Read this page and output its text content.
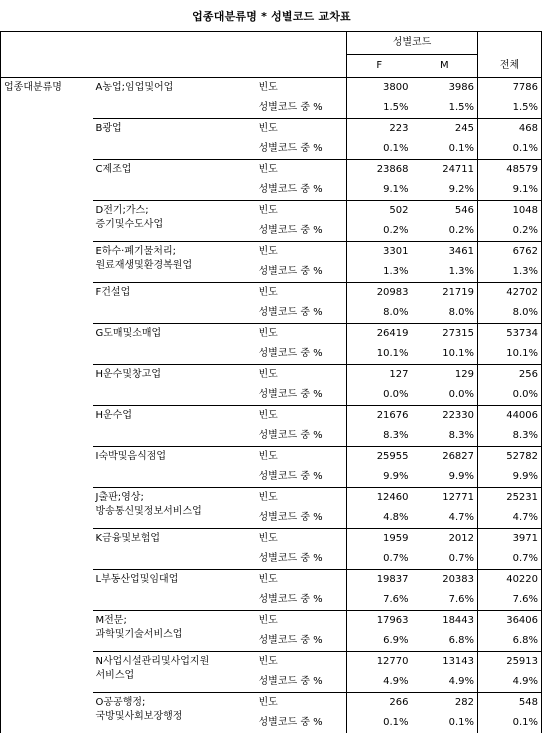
업종대분류명 * 성별코드 교차표
			성별코드		
			F	M	전체
업종대분류명	A농업;임업및어업	빈도	3800	3986	7786
		성별코드 중 %	1.5%	1.5%	1.5%
	B광업	빈도	223	245	468
		성별코드 중 %	0.1%	0.1%	0.1%
	C제조업	빈도	23868	24711	48579
		성별코드 중 %	9.1%	9.2%	9.1%
	D전기;가스;
증기및수도사업	빈도	502	546	1048
		성별코드 중 %	0.2%	0.2%	0.2%
	E하수·폐기물처리;
원료재생및환경복원업	빈도	3301	3461	6762
		성별코드 중 %	1.3%	1.3%	1.3%
	F건설업	빈도	20983	21719	42702
		성별코드 중 %	8.0%	8.0%	8.0%
	G도매및소매업	빈도	26419	27315	53734
		성별코드 중 %	10.1%	10.1%	10.1%
	H운수및창고업	빈도	127	129	256
		성별코드 중 %	0.0%	0.0%	0.0%
	H운수업	빈도	21676	22330	44006
		성별코드 중 %	8.3%	8.3%	8.3%
	I숙박및음식점업	빈도	25955	26827	52782
		성별코드 중 %	9.9%	9.9%	9.9%
	J출판;영상;
방송통신및정보서비스업	빈도	12460	12771	25231
		성별코드 중 %	4.8%	4.7%	4.7%
	K금융및보험업	빈도	1959	2012	3971
		성별코드 중 %	0.7%	0.7%	0.7%
	L부동산업및임대업	빈도	19837	20383	40220
		성별코드 중 %	7.6%	7.6%	7.6%
	M전문;
과학및기술서비스업	빈도	17963	18443	36406
		성별코드 중 %	6.9%	6.8%	6.8%
	N사업시설관리및사업지원
서비스업	빈도	12770	13143	25913
		성별코드 중 %	4.9%	4.9%	4.9%
	O공공행정;
국방및사회보장행정	빈도	266	282	548
		성별코드 중 %	0.1%	0.1%	0.1%
